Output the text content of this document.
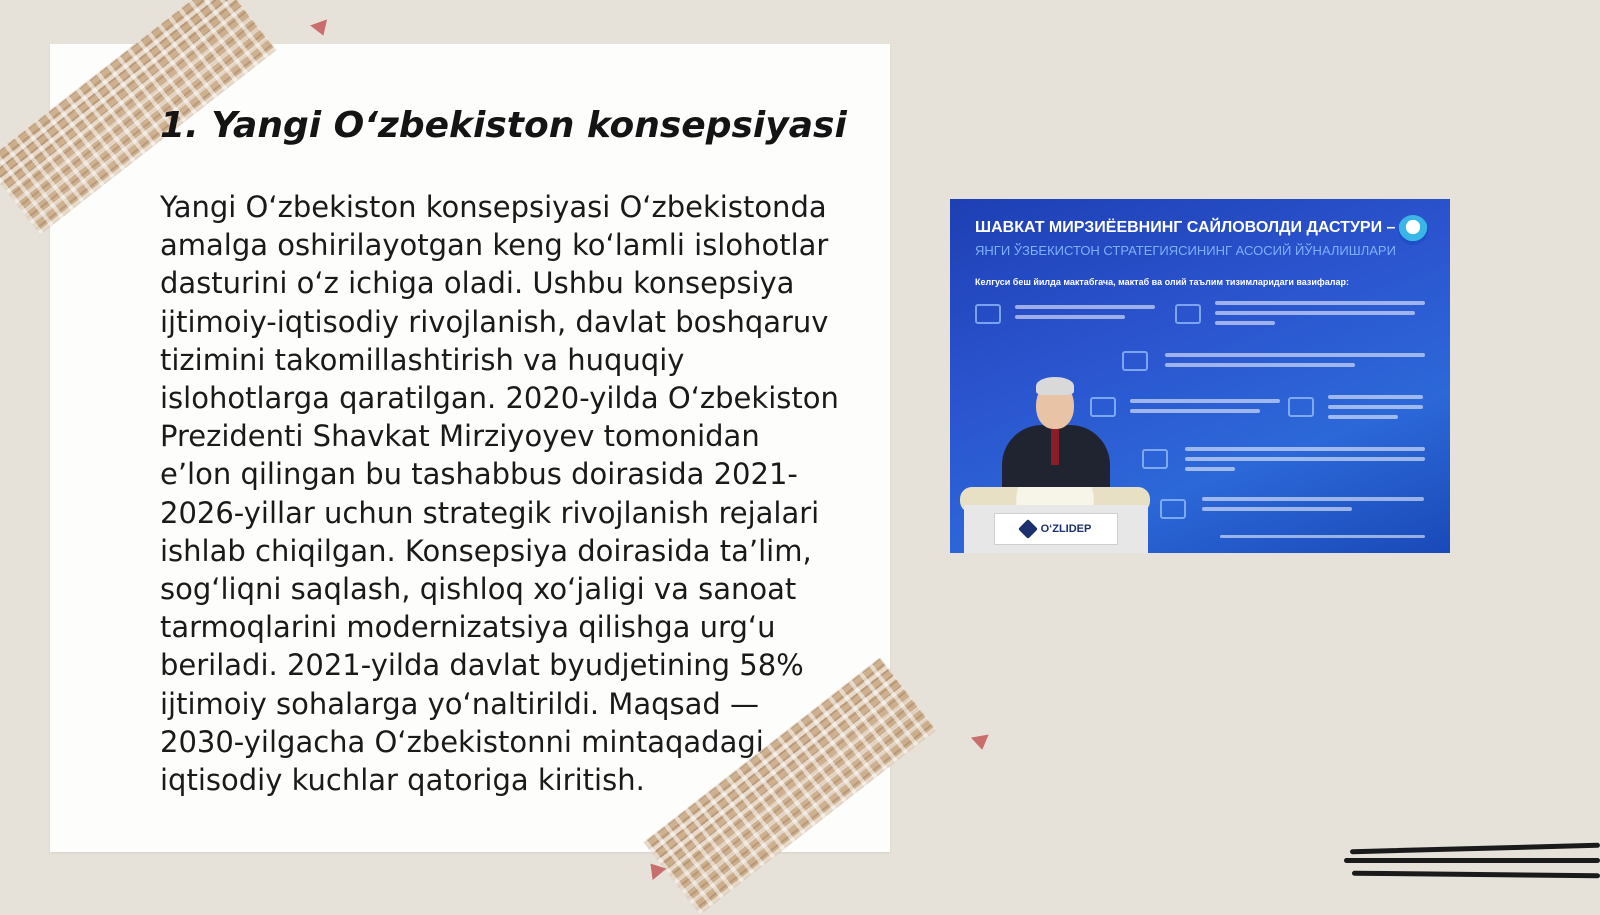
1. Yangi O‘zbekiston konsepsiyasi

Yangi O‘zbekiston konsepsiyasi O‘zbekistonda amalga oshirilayotgan keng ko‘lamli islohotlar dasturini o‘z ichiga oladi. Ushbu konsepsiya ijtimoiy-iqtisodiy rivojlanish, davlat boshqaruv tizimini takomillashtirish va huquqiy islohotlarga qaratilgan. 2020-yilda O‘zbekiston Prezidenti Shavkat Mirziyoyev tomonidan e’lon qilingan bu tashabbus doirasida 2021-2026-yillar uchun strategik rivojlanish rejalari ishlab chiqilgan. Konsepsiya doirasida ta’lim, sog‘liqni saqlash, qishloq xo‘jaligi va sanoat tarmoqlarini modernizatsiya qilishga urg‘u beriladi. 2021-yilda davlat byudjetining 58% ijtimoiy sohalarga yo‘naltirildi. Maqsad — 2030-yilgacha O‘zbekistonni mintaqadagi iqtisodiy kuchlar qatoriga kiritish.

ШАВКАТ МИРЗИЁЕВНИНГ САЙЛОВОЛДИ ДАСТУРИ –
ЯНГИ ЎЗБЕКИСТОН СТРАТЕГИЯСИНИНГ АСОСИЙ ЙЎНАЛИШЛАРИ
Келгуси беш йилда мактабгача, мактаб ва олий таълим тизимларидаги вазифалар:
O‘ZLIDEP
